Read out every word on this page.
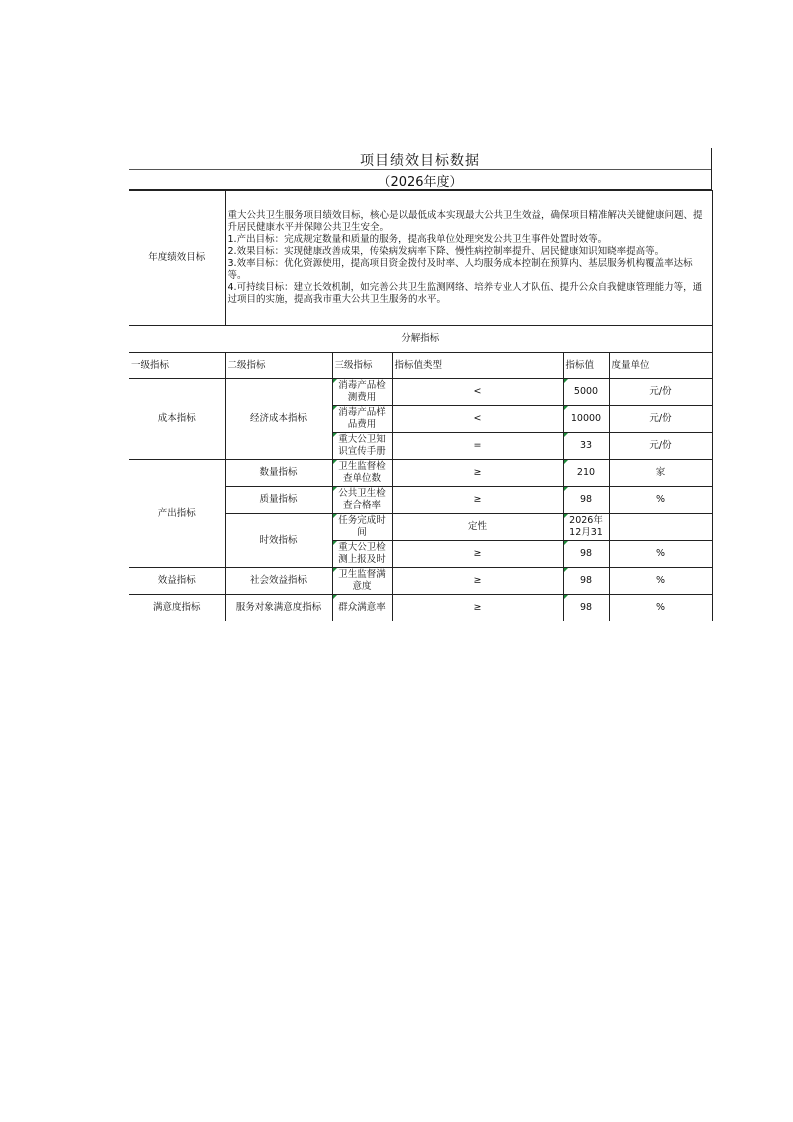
项目绩效目标数据
（2026年度）
年度绩效目标	重大公共卫生服务项目绩效目标，核心是以最低成本实现最大公共卫生效益，确保项目精准解决关键健康问题、提升居民健康水平并保障公共卫生安全。

1.产出目标：完成规定数量和质量的服务，提高我单位处理突发公共卫生事件处置时效等。

2.效果目标：实现健康改善成果，传染病发病率下降、慢性病控制率提升、居民健康知识知晓率提高等。

3.效率目标：优化资源使用，提高项目资金拨付及时率、人均服务成本控制在预算内、基层服务机构覆盖率达标等。

4.可持续目标：建立长效机制，如完善公共卫生监测网络、培养专业人才队伍、提升公众自我健康管理能力等，通过项目的实施，提高我市重大公共卫生服务的水平。				

分解指标					
一级指标	二级指标	三级指标	指标值类型	指标值	度量单位
成本指标	经济成本指标	消毒产品检测费用	<	5000	元/份
		消毒产品样品费用	<	10000	元/份
		重大公卫知识宣传手册	=	33	元/份
产出指标	数量指标	卫生监督检查单位数	≥	210	家
	质量指标	公共卫生检查合格率	≥	98	%
	时效指标	任务完成时间	定性	2026年12月31	
		重大公卫检测上报及时	≥	98	%
效益指标	社会效益指标	卫生监督满意度	≥	98	%
满意度指标	服务对象满意度指标	群众满意率	≥	98	%
